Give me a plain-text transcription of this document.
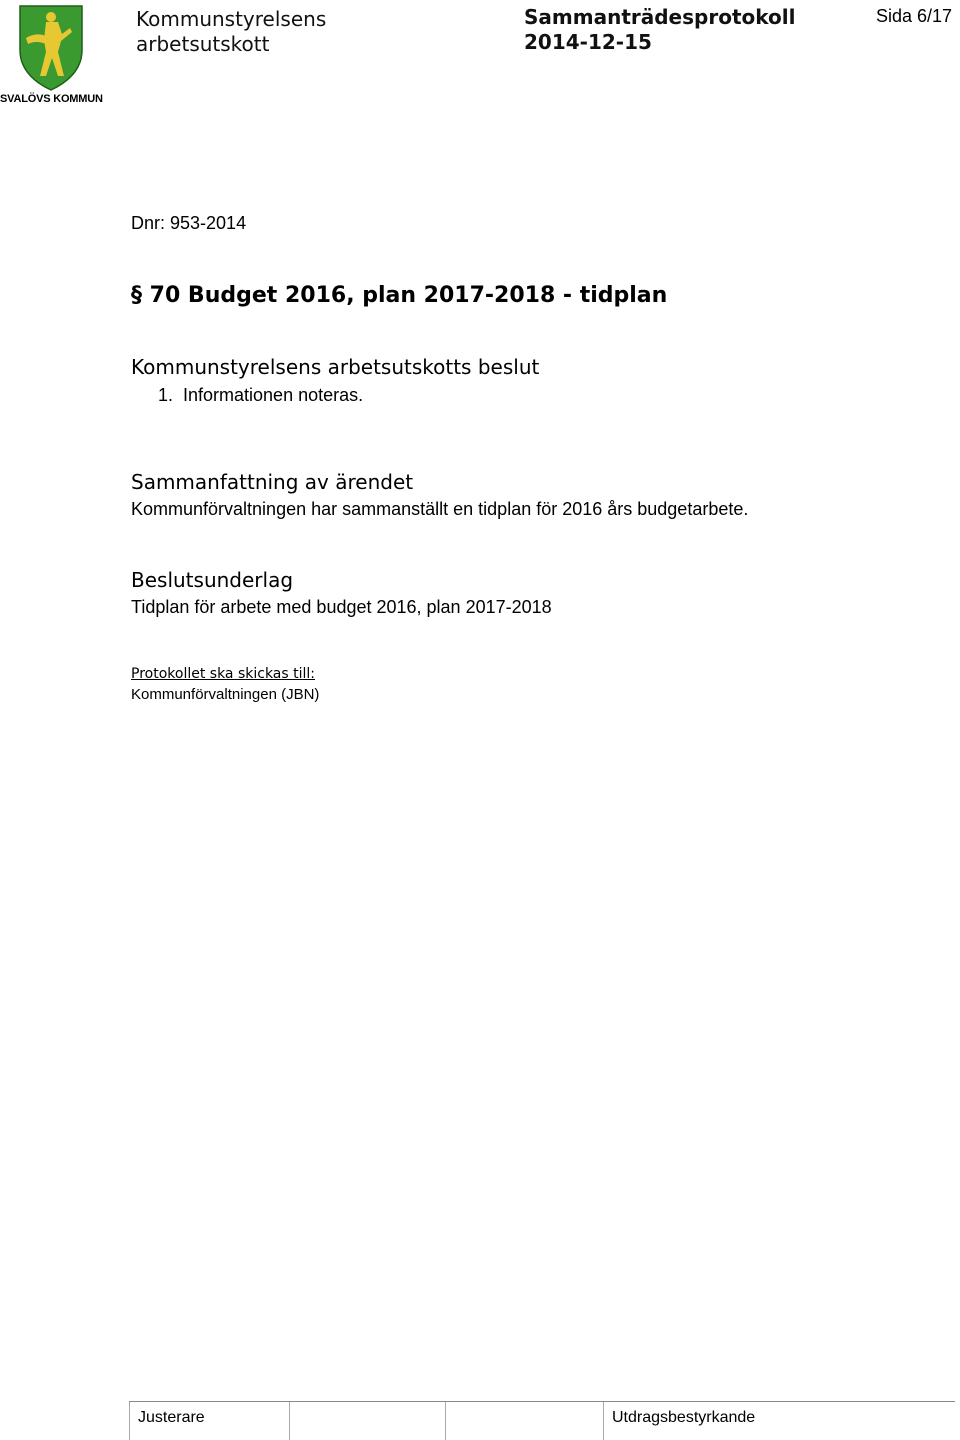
SVALÖVS KOMMUN
Kommunstyrelsens
arbetsutskott
Sammanträdesprotokoll
2014-12-15
Sida 6/17
Dnr: 953-2014
§ 70 Budget 2016, plan 2017-2018 - tidplan
Kommunstyrelsens arbetsutskotts beslut
1.  Informationen noteras.
Sammanfattning av ärendet
Kommunförvaltningen har sammanställt en tidplan för 2016 års budgetarbete.
Beslutsunderlag
Tidplan för arbete med budget 2016, plan 2017-2018
Protokollet ska skickas till:
Kommunförvaltningen (JBN)
Justerare	Utdragsbestyrkande
